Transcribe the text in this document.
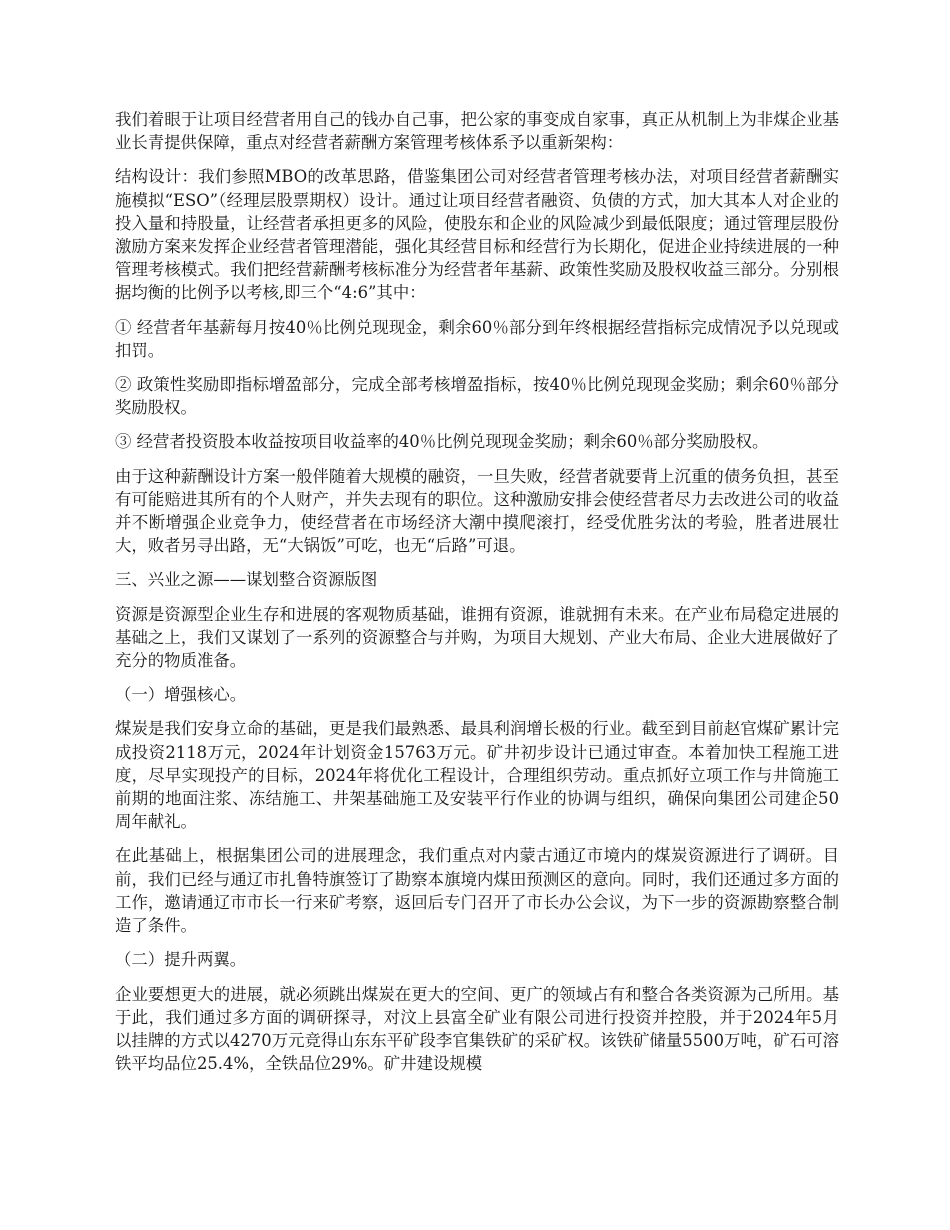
我们着眼于让项目经营者用自己的钱办自己事，把公家的事变成自家事，真正从机制上为非煤企业基业长青提供保障，重点对经营者薪酬方案管理考核体系予以重新架构：

结构设计：我们参照MBO的改革思路，借鉴集团公司对经营者管理考核办法，对项目经营者薪酬实施模拟“ESO”（经理层股票期权）设计。通过让项目经营者融资、负债的方式，加大其本人对企业的投入量和持股量，让经营者承担更多的风险，使股东和企业的风险减少到最低限度；通过管理层股份激励方案来发挥企业经营者管理潜能，强化其经营目标和经营行为长期化，促进企业持续进展的一种管理考核模式。我们把经营薪酬考核标准分为经营者年基薪、政策性奖励及股权收益三部分。分别根据均衡的比例予以考核,即三个“4:6”其中：

① 经营者年基薪每月按40％比例兑现现金，剩余60％部分到年终根据经营指标完成情况予以兑现或扣罚。

② 政策性奖励即指标增盈部分，完成全部考核增盈指标，按40％比例兑现现金奖励；剩余60％部分奖励股权。

③ 经营者投资股本收益按项目收益率的40％比例兑现现金奖励；剩余60％部分奖励股权。

由于这种薪酬设计方案一般伴随着大规模的融资，一旦失败，经营者就要背上沉重的债务负担，甚至有可能赔进其所有的个人财产，并失去现有的职位。这种激励安排会使经营者尽力去改进公司的收益并不断增强企业竞争力，使经营者在市场经济大潮中摸爬滚打，经受优胜劣汰的考验，胜者进展壮大，败者另寻出路，无“大锅饭”可吃，也无“后路”可退。

三、兴业之源——谋划整合资源版图

资源是资源型企业生存和进展的客观物质基础，谁拥有资源，谁就拥有未来。在产业布局稳定进展的基础之上，我们又谋划了一系列的资源整合与并购，为项目大规划、产业大布局、企业大进展做好了充分的物质准备。

（一）增强核心。

煤炭是我们安身立命的基础，更是我们最熟悉、最具利润增长极的行业。截至到目前赵官煤矿累计完成投资2118万元，2024年计划资金15763万元。矿井初步设计已通过审查。本着加快工程施工进度，尽早实现投产的目标，2024年将优化工程设计，合理组织劳动。重点抓好立项工作与井筒施工前期的地面注浆、冻结施工、井架基础施工及安装平行作业的协调与组织，确保向集团公司建企50周年献礼。

在此基础上，根据集团公司的进展理念，我们重点对内蒙古通辽市境内的煤炭资源进行了调研。目前，我们已经与通辽市扎鲁特旗签订了勘察本旗境内煤田预测区的意向。同时，我们还通过多方面的工作，邀请通辽市市长一行来矿考察，返回后专门召开了市长办公会议，为下一步的资源勘察整合制造了条件。

（二）提升两翼。

企业要想更大的进展，就必须跳出煤炭在更大的空间、更广的领域占有和整合各类资源为己所用。基于此，我们通过多方面的调研探寻，对汶上县富全矿业有限公司进行投资并控股，并于2024年5月以挂牌的方式以4270万元竞得山东东平矿段李官集铁矿的采矿权。该铁矿储量5500万吨，矿石可溶铁平均品位25.4%，全铁品位29%。矿井建设规模
